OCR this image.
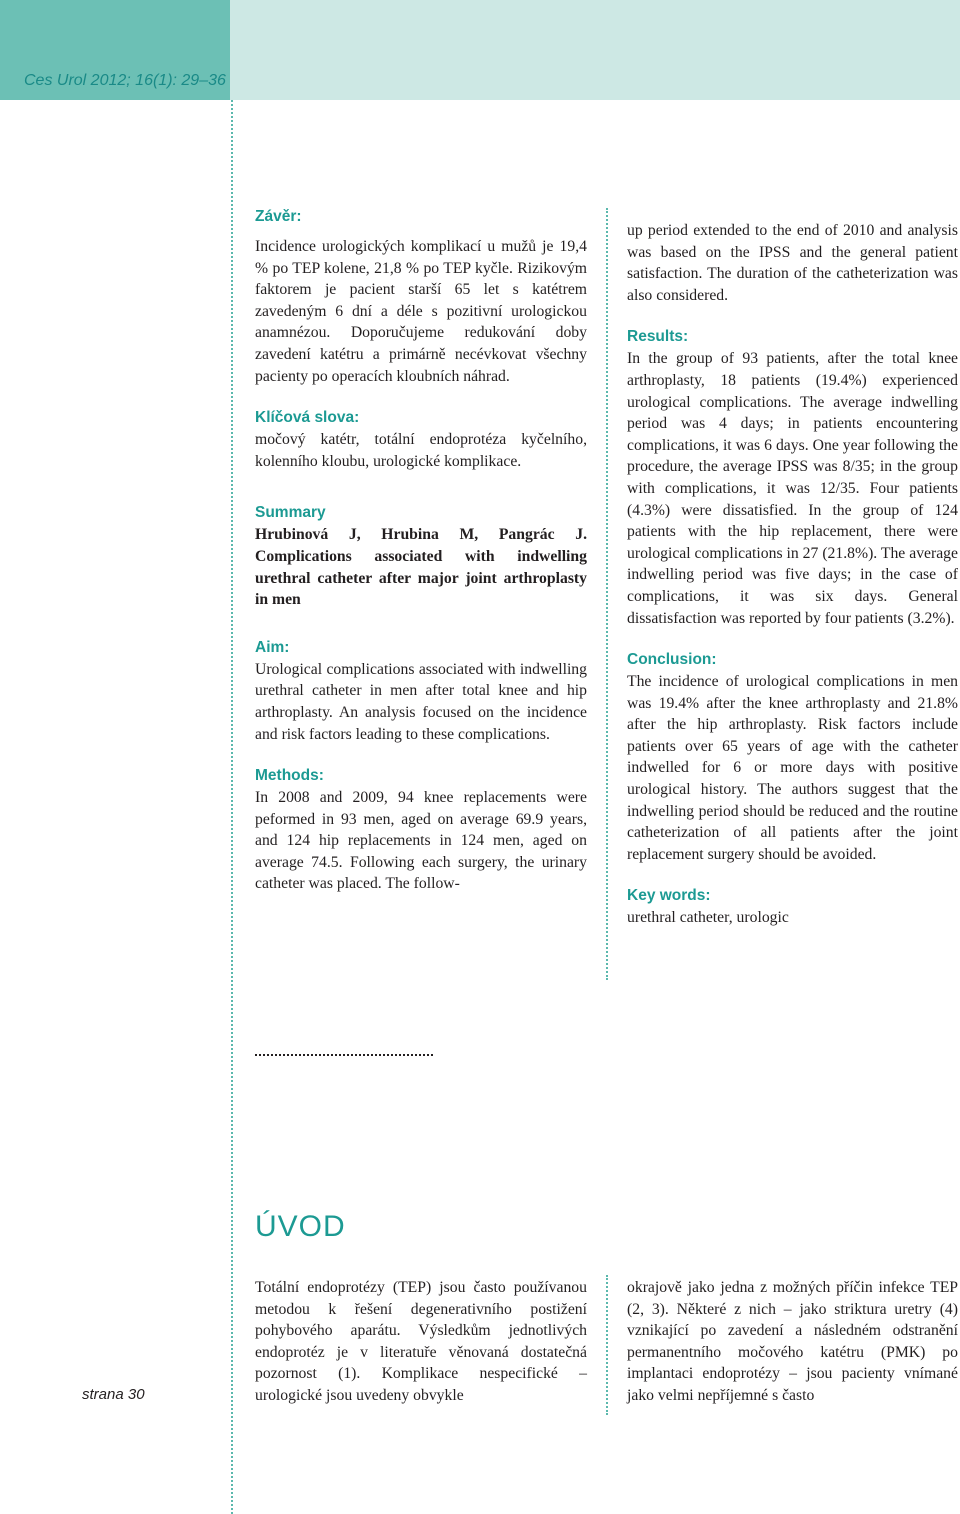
Ces Urol 2012; 16(1): 29–36
Závěr:

Incidence urologických komplikací u mužů je 19,4 % po TEP kolene, 21,8 % po TEP kyčle. Rizikovým faktorem je pacient starší 65 let s katétrem zavedeným 6 dní a déle s pozitivní urologickou anamnézou. Doporučujeme redukování doby zavedení katétru a primárně necévkovat všechny pacienty po operacích kloubních náhrad.

Klíčová slova:

močový katétr, totální endoprotéza kyčelního, kolenního kloubu, urologické komplikace.

Summary

Hrubinová J, Hrubina M, Pangrác J. Complications associated with indwelling urethral catheter after major joint arthroplasty in men

Aim:

Urological complications associated with indwelling urethral catheter in men after total knee and hip arthroplasty. An analysis focused on the incidence and risk factors leading to these complications.

Methods:

In 2008 and 2009, 94 knee replacements were peformed in 93 men, aged on average 69.9 years, and 124 hip replacements in 124 men, aged on average 74.5. Following each surgery, the urinary catheter was placed. The follow-

up period extended to the end of 2010 and analysis was based on the IPSS and the general patient satisfaction. The duration of the catheterization was also considered.

Results:

In the group of 93 patients, after the total knee arthroplasty, 18 patients (19.4%) experienced urological complications. The average indwelling period was 4 days; in patients encountering complications, it was 6 days. One year following the procedure, the average IPSS was 8/35; in the group with complications, it was 12/35. Four patients (4.3%) were dissatisfied. In the group of 124 patients with the hip replacement, there were urological complications in 27 (21.8%). The average indwelling period was five days; in the case of complications, it was six days. General dissatisfaction was reported by four patients (3.2%).

Conclusion:

The incidence of urological complications in men was 19.4% after the knee arthroplasty and 21.8% after the hip arthroplasty. Risk factors include patients over 65 years of age with the catheter indwelled for 6 or more days with positive urological history. The authors suggest that the indwelling period should be reduced and the routine catheterization of all patients after the joint replacement surgery should be avoided.

Key words:

urethral catheter, urologic

ÚVOD

Totální endoprotézy (TEP) jsou často používanou metodou k řešení degenerativního postižení pohybového aparátu. Výsledkům jednotlivých endoprotéz je v literatuře věnovaná dostatečná pozornost (1). Komplikace nespecifické – urologické jsou uvedeny obvykle

okrajově jako jedna z možných příčin infekce TEP (2, 3). Některé z nich – jako striktura uretry (4) vznikající po zavedení a následném odstranění permanentního močového katétru (PMK) po implantaci endoprotézy – jsou pacienty vnímané jako velmi nepříjemné s často

strana 30
